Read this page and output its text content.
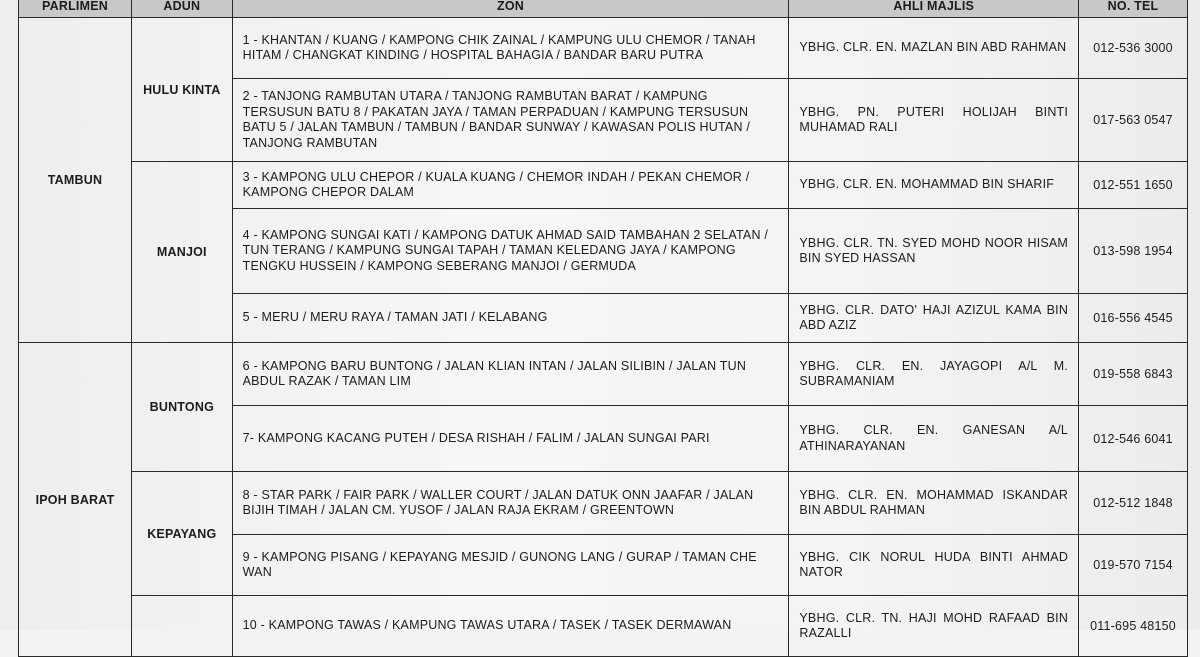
PARLIMEN	ADUN	ZON	AHLI MAJLIS	NO. TEL
TAMBUN	HULU KINTA	1 - KHANTAN / KUANG / KAMPONG CHIK ZAINAL / KAMPUNG ULU CHEMOR / TANAH HITAM / CHANGKAT KINDING / HOSPITAL BAHAGIA / BANDAR BARU PUTRA	YBHG. CLR. EN. MAZLAN BIN ABD RAHMAN	012-536 3000
		2 - TANJONG RAMBUTAN UTARA / TANJONG RAMBUTAN BARAT / KAMPUNG TERSUSUN BATU 8 / PAKATAN JAYA / TAMAN PERPADUAN / KAMPUNG TERSUSUN BATU 5 / JALAN TAMBUN / TAMBUN / BANDAR SUNWAY / KAWASAN POLIS HUTAN / TANJONG RAMBUTAN	YBHG. PN. PUTERI HOLIJAH BINTI MUHAMAD RALI	017-563 0547
	MANJOI	3 - KAMPONG ULU CHEPOR / KUALA KUANG / CHEMOR INDAH / PEKAN CHEMOR / KAMPONG CHEPOR DALAM	YBHG. CLR. EN. MOHAMMAD BIN SHARIF	012-551 1650
		4 - KAMPONG SUNGAI KATI / KAMPONG DATUK AHMAD SAID TAMBAHAN 2 SELATAN / TUN TERANG / KAMPUNG SUNGAI TAPAH / TAMAN KELEDANG JAYA / KAMPONG TENGKU HUSSEIN / KAMPONG SEBERANG MANJOI / GERMUDA	YBHG. CLR. TN. SYED MOHD NOOR HISAM BIN SYED HASSAN	013-598 1954
		5 - MERU / MERU RAYA / TAMAN JATI / KELABANG	YBHG. CLR. DATO' HAJI AZIZUL KAMA BIN ABD AZIZ	016-556 4545
IPOH BARAT	BUNTONG	6 - KAMPONG BARU BUNTONG / JALAN KLIAN INTAN / JALAN SILIBIN / JALAN TUN ABDUL RAZAK / TAMAN LIM	YBHG. CLR. EN. JAYAGOPI A/L M. SUBRAMANIAM	019-558 6843
		7- KAMPONG KACANG PUTEH / DESA RISHAH / FALIM / JALAN SUNGAI PARI	YBHG. CLR. EN. GANESAN A/L ATHINARAYANAN	012-546 6041
	KEPAYANG	8 - STAR PARK / FAIR PARK / WALLER COURT / JALAN DATUK ONN JAAFAR / JALAN BIJIH TIMAH / JALAN CM. YUSOF / JALAN RAJA EKRAM / GREENTOWN	YBHG. CLR. EN. MOHAMMAD ISKANDAR BIN ABDUL RAHMAN	012-512 1848
		9 - KAMPONG PISANG / KEPAYANG MESJID / GUNONG LANG / GURAP / TAMAN CHE WAN	YBHG. CIK NORUL HUDA BINTI AHMAD NATOR	019-570 7154
		10 - KAMPONG TAWAS / KAMPUNG TAWAS UTARA / TASEK / TASEK DERMAWAN	YBHG. CLR. TN. HAJI MOHD RAFAAD BIN RAZALLI	011-695 48150
